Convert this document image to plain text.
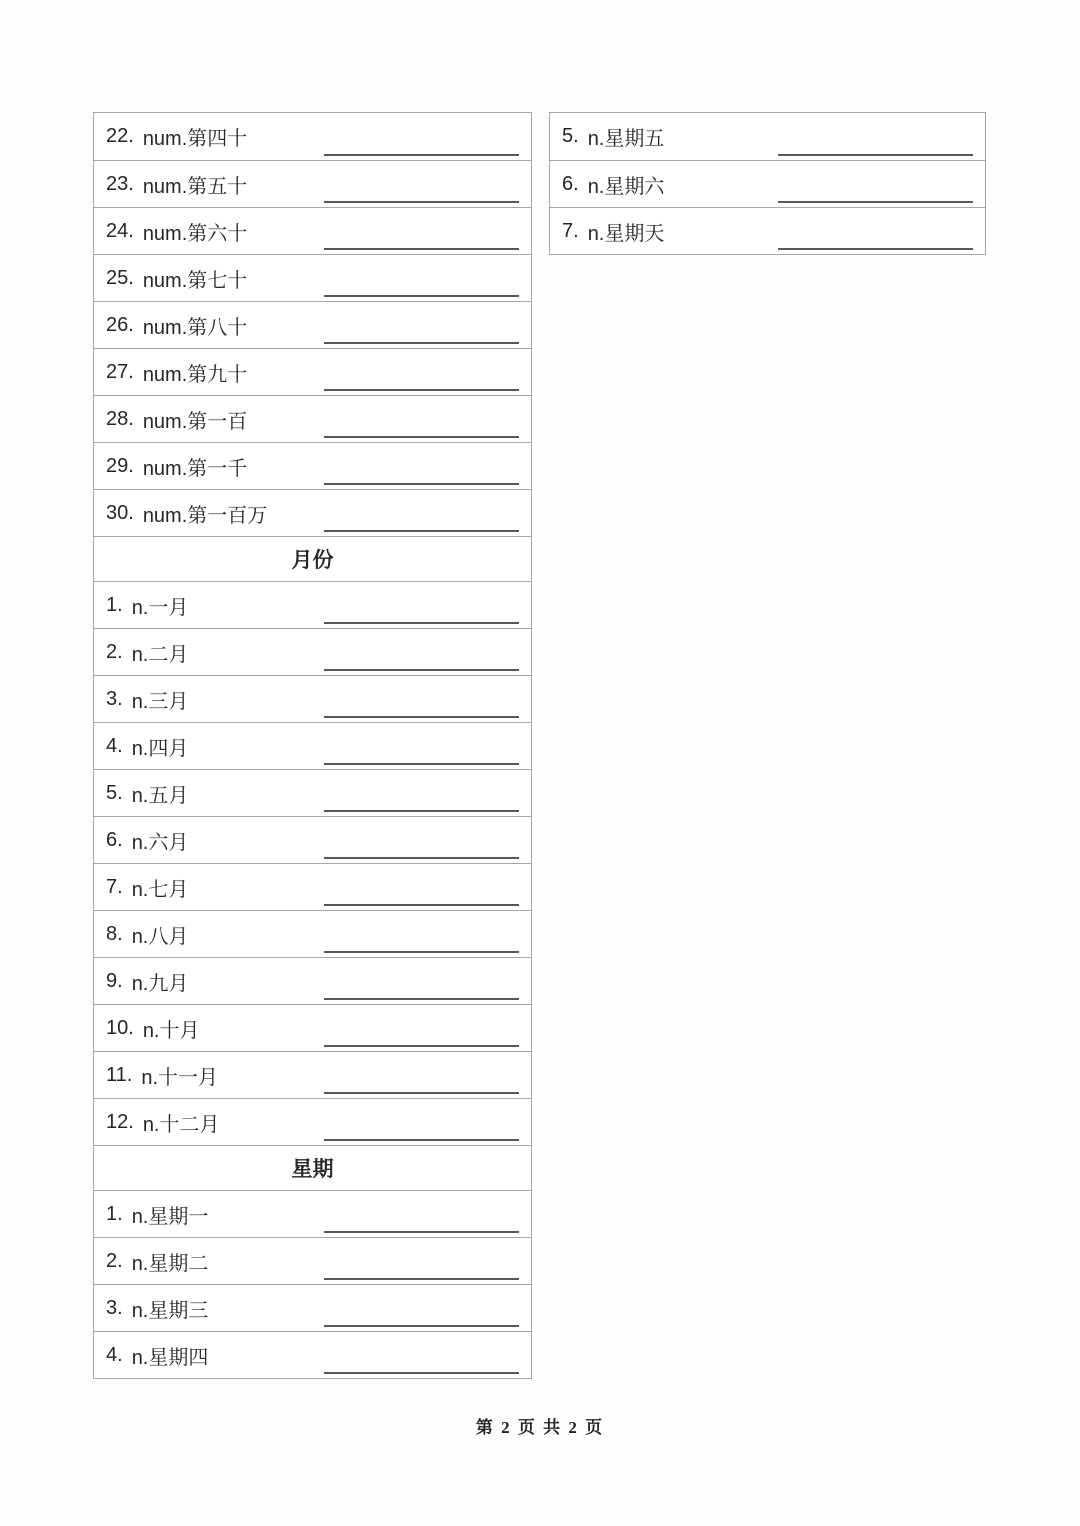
22. num.第四十
23. num.第五十
24. num.第六十
25. num.第七十
26. num.第八十
27. num.第九十
28. num.第一百
29. num.第一千
30. num.第一百万
月份
1. n.一月
2. n.二月
3. n.三月
4. n.四月
5. n.五月
6. n.六月
7. n.七月
8. n.八月
9. n.九月
10. n.十月
11. n.十一月
12. n.十二月
星期
1. n.星期一
2. n.星期二
3. n.星期三
4. n.星期四
5. n.星期五
6. n.星期六
7. n.星期天
第 2 页 共 2 页
